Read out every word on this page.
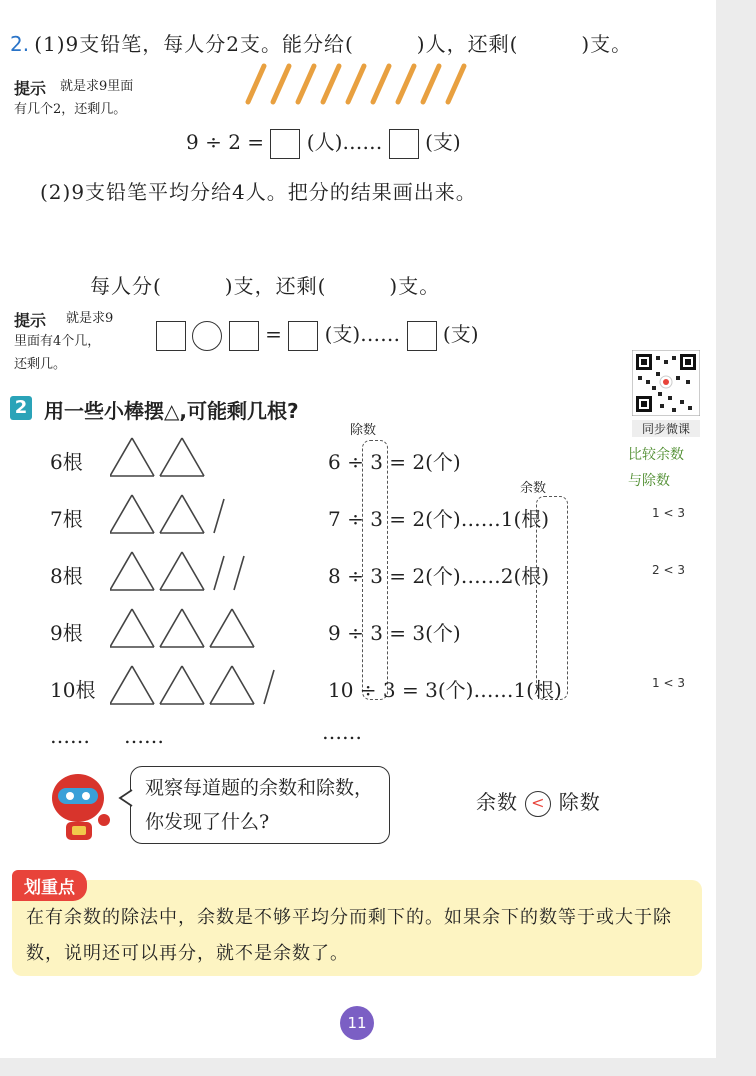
2. (1)9支铅笔，每人分2支。能分给(　　　)人，还剩(　　　)支。
提示 就是求9里面
有几个2，还剩几。
9 ÷ 2 = (人)…… (支)
(2)9支铅笔平均分给4人。把分的结果画出来。
每人分(　　　)支，还剩(　　　)支。
提示 就是求9
里面有4个几，
还剩几。
= (支)…… (支)
同步微课
2 用一些小棒摆△,可能剩几根?
除数
余数
比较余数
与除数
6根
7根
8根
9根
10根
6 ÷ 3 = 2(个)
7 ÷ 3 = 2(个)……1(根)
8 ÷ 3 = 2(个)……2(根)
9 ÷ 3 = 3(个)
10 ÷ 3 = 3(个)……1(根)
1 < 3
2 < 3
1 < 3
…… ……	……
观察每道题的余数和除数，你发现了什么?
余数 < 除数
划重点
在有余数的除法中，余数是不够平均分而剩下的。如果余下的数等于或大于除数，说明还可以再分，就不是余数了。
11
